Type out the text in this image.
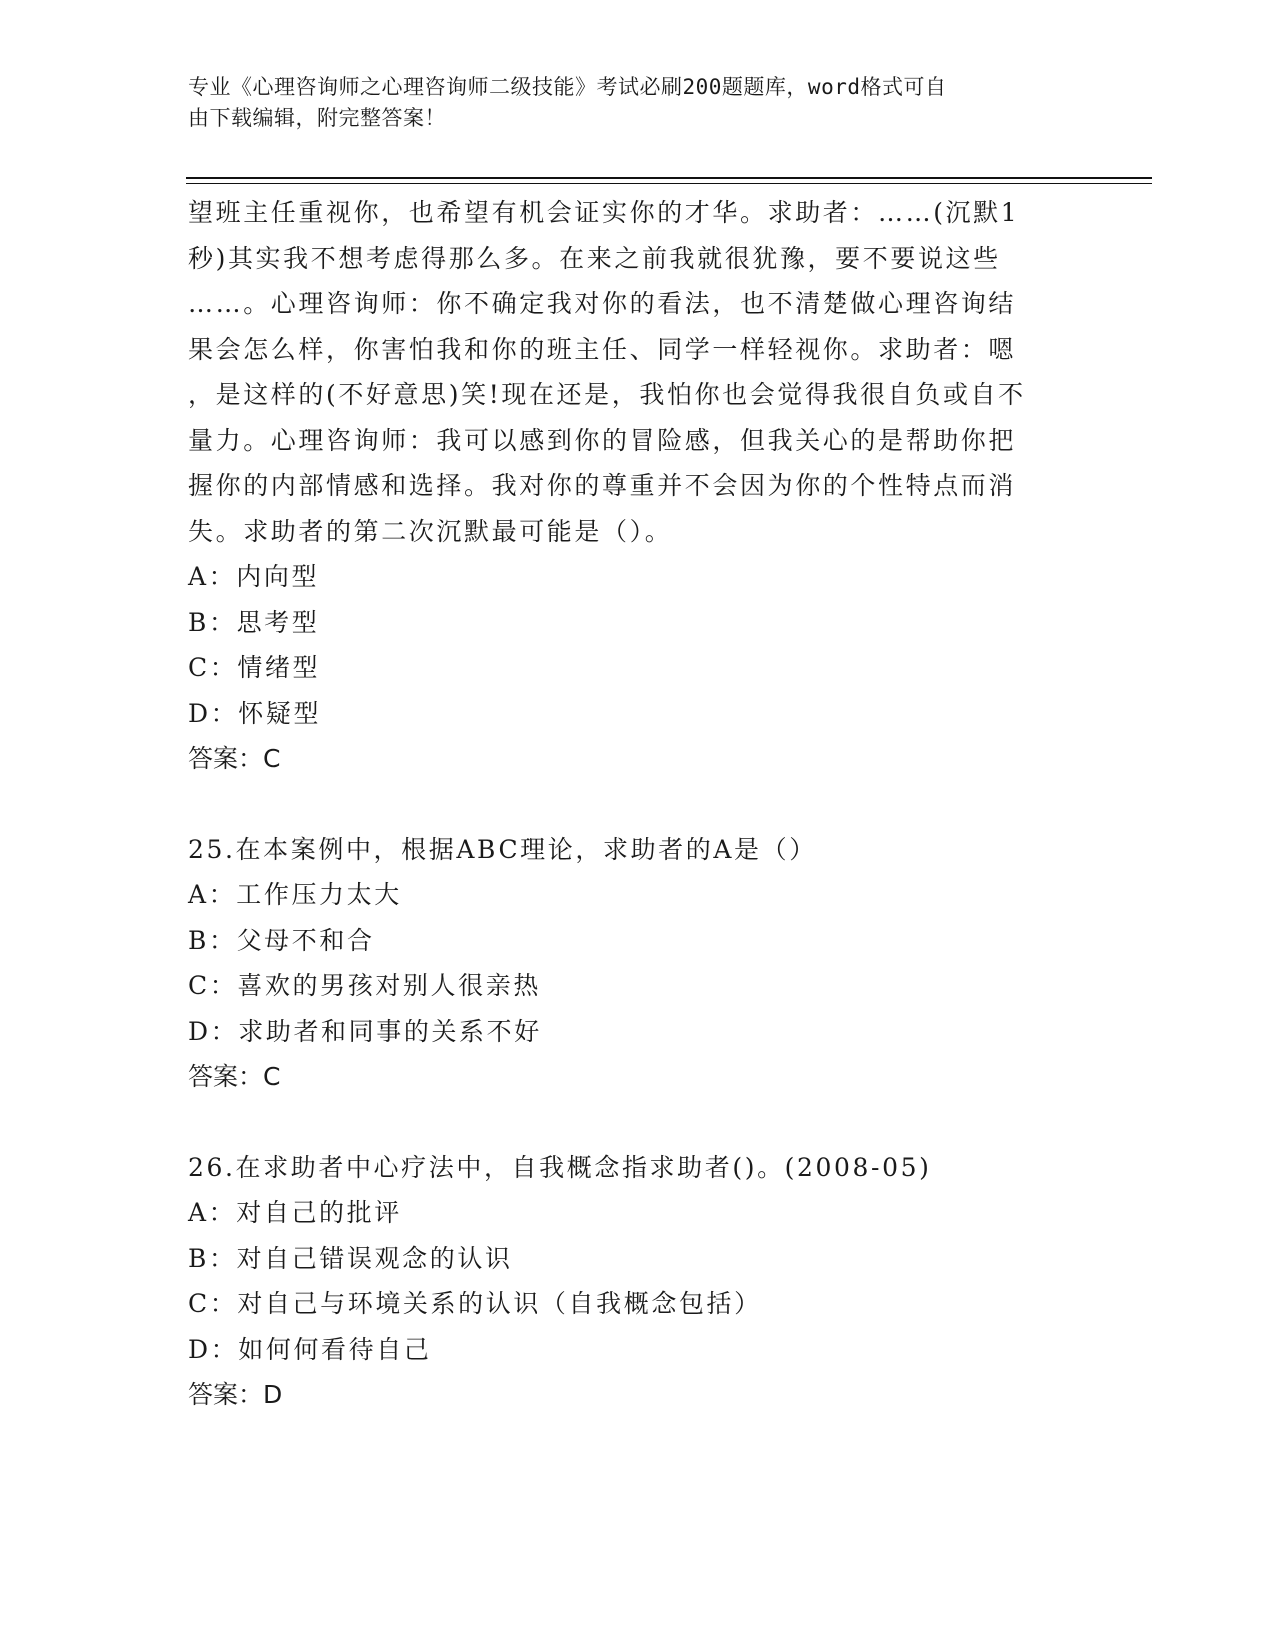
专业《心理咨询师之心理咨询师二级技能》考试必刷200题题库，word格式可自
由下载编辑，附完整答案！
望班主任重视你，也希望有机会证实你的才华。求助者：……(沉默1
秒)其实我不想考虑得那么多。在来之前我就很犹豫，要不要说这些
……。心理咨询师：你不确定我对你的看法，也不清楚做心理咨询结
果会怎么样，你害怕我和你的班主任、同学一样轻视你。求助者：嗯
，是这样的(不好意思)笑!现在还是，我怕你也会觉得我很自负或自不
量力。心理咨询师：我可以感到你的冒险感，但我关心的是帮助你把
握你的内部情感和选择。我对你的尊重并不会因为你的个性特点而消
失。求助者的第二次沉默最可能是（）。
A：内向型
B：思考型
C：情绪型
D：怀疑型
答案：C
25.在本案例中，根据ABC理论，求助者的A是（）
A：工作压力太大
B：父母不和合
C：喜欢的男孩对别人很亲热
D：求助者和同事的关系不好
答案：C
26.在求助者中心疗法中，自我概念指求助者()。(2008-05)
A：对自己的批评
B：对自己错误观念的认识
C：对自己与环境关系的认识（自我概念包括）
D：如何何看待自己
答案：D
